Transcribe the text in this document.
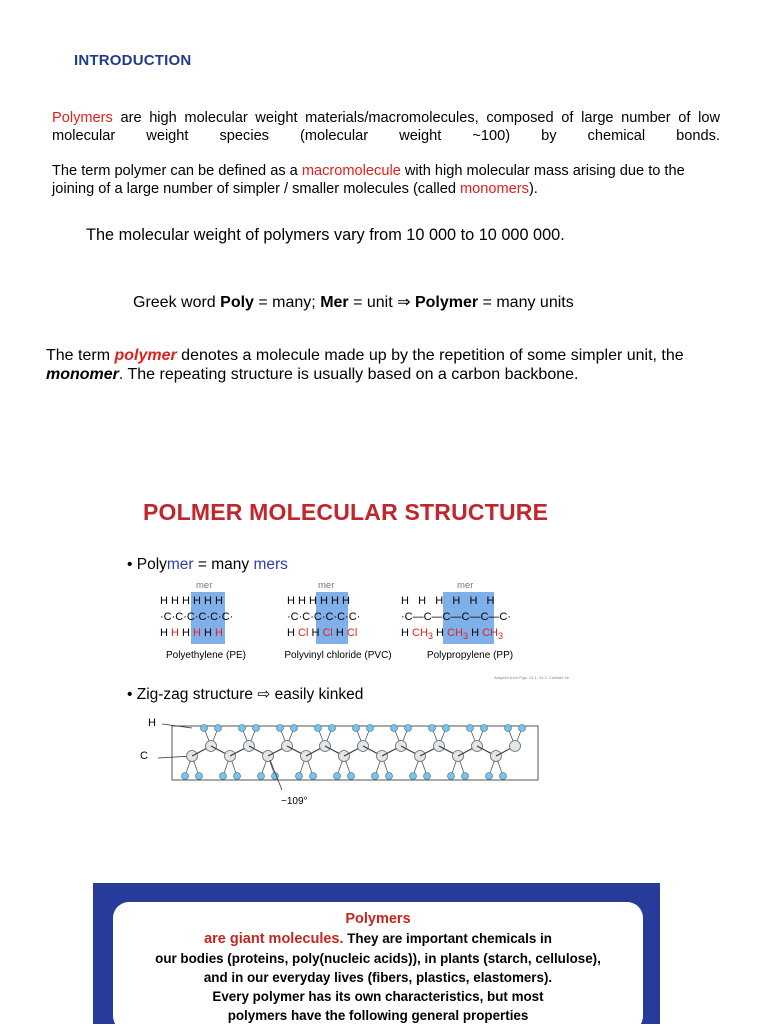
INTRODUCTION
Polymers are high molecular weight materials/macromolecules, composed of large number of low molecular weight species (molecular weight ~100) by chemical bonds.
The term polymer can be defined as a macromolecule with high molecular mass arising due to the joining of a large number of simpler / smaller molecules (called monomers).
The molecular weight of polymers vary from 10 000 to 10 000 000.
Greek word Poly = many; Mer = unit ⇒ Polymer = many units
The term polymer denotes a molecule made up by the repetition of some simpler unit, the monomer. The repeating structure is usually based on a carbon backbone.
POLMER MOLECULAR STRUCTURE
• Polymer = many mers
mer	mer	mer
H H H H H H
·C·C·C·C·C·C·
H H H H H H
H H H H H H
·C·C·C·C·C·C·
H Cl H Cl H Cl
H   H   H   H   H   H
·C—C—C—C—C—C·
H $CH_3$ H $CH_3$ H $CH_3$
Polyethylene (PE)	Polyvinyl chloride (PVC)	Polypropylene (PP)
Adapted from Figs. 14.1, 14.2, Callister 6e.
• Zig-zag structure ⇨ easily kinked
H
C
~109°
Polymers
are giant molecules. They are important chemicals in
our bodies (proteins, poly(nucleic acids)), in plants (starch, cellulose),
and in our everyday lives (fibers, plastics, elastomers).
Every polymer has its own characteristics, but most
polymers have the following general properties
